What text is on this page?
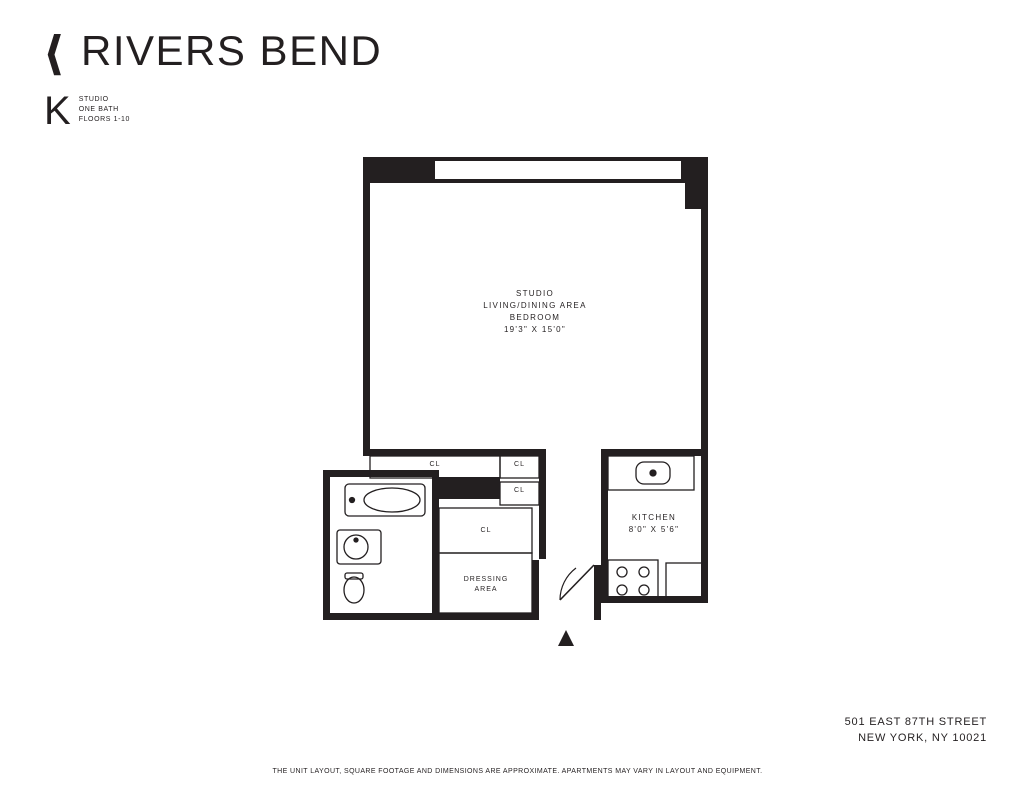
❰ RIVERS BEND
K STUDIO
ONE BATH
FLOORS 1-10
STUDIO
LIVING/DINING AREA
BEDROOM
19'3" X 15'0"
KITCHEN
8'0" X 5'6"
DRESSING
AREA
CL	CL
CL
CL
501 EAST 87TH STREET
NEW YORK, NY 10021
THE UNIT LAYOUT, SQUARE FOOTAGE AND DIMENSIONS ARE APPROXIMATE. APARTMENTS MAY VARY IN LAYOUT AND EQUIPMENT.
